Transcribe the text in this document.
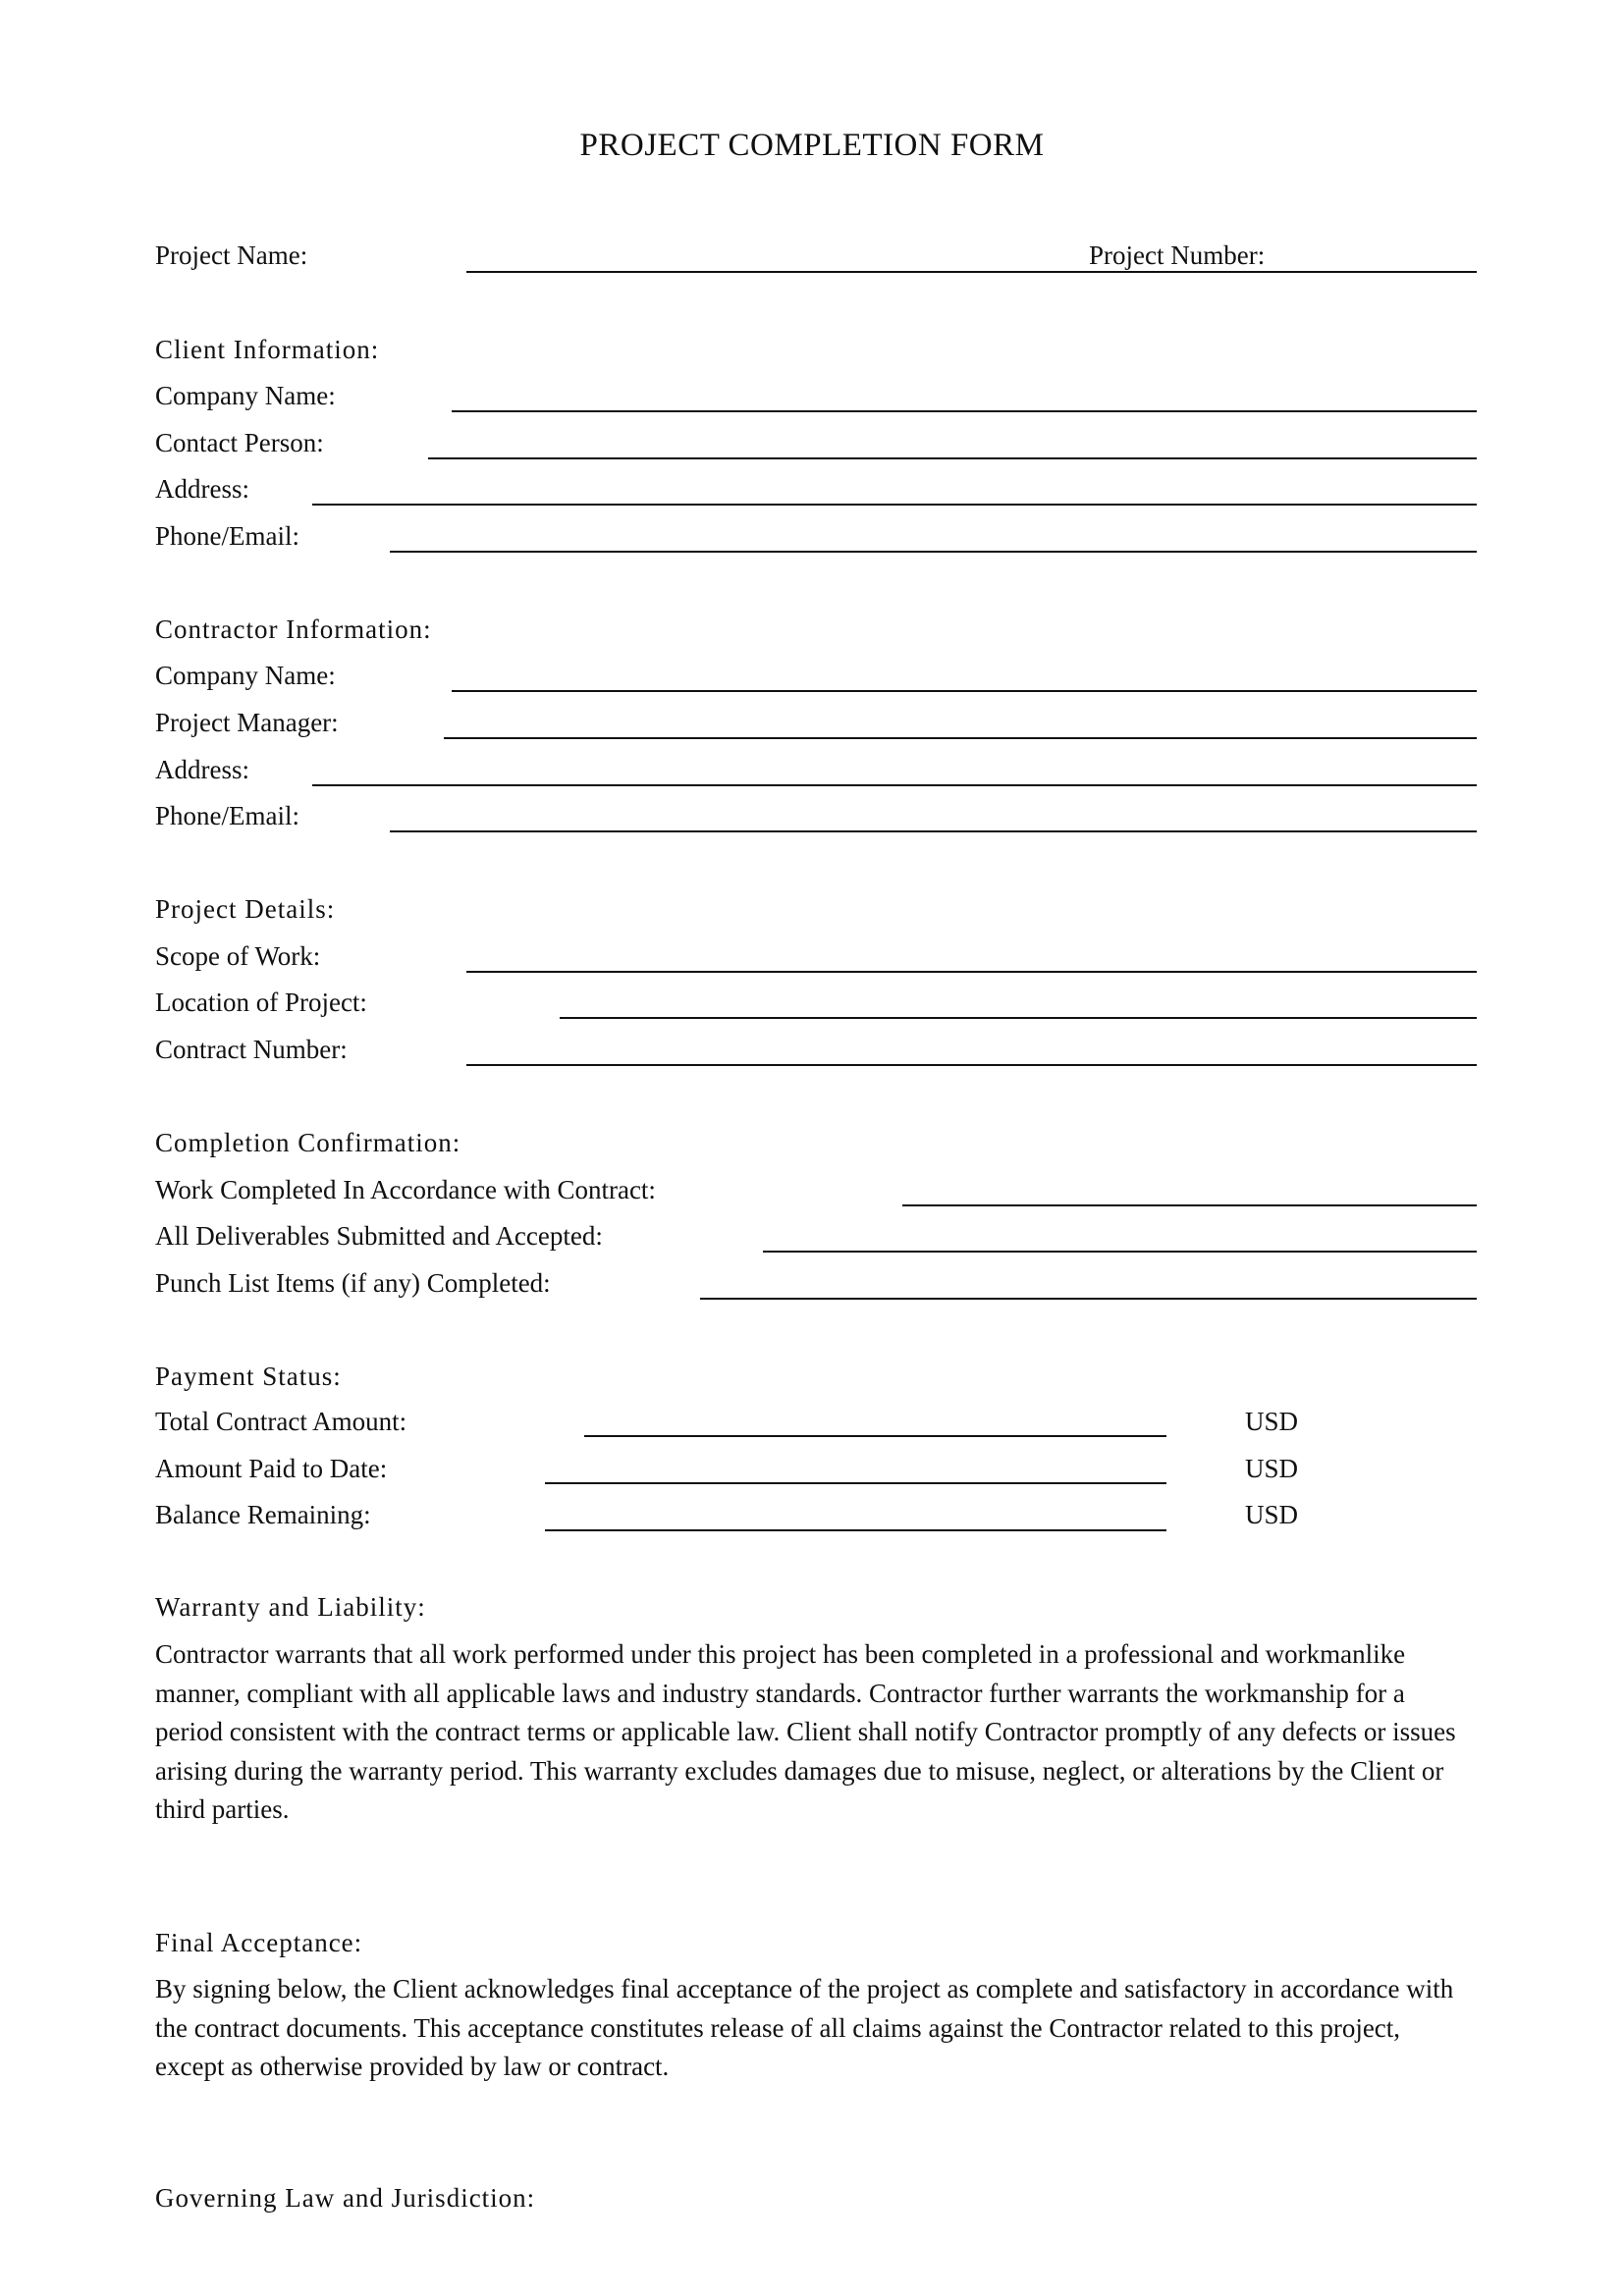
PROJECT COMPLETION FORM
Project Name:	Project Number:
Client Information:
Company Name:
Contact Person:
Address:
Phone/Email:
Contractor Information:
Company Name:
Project Manager:
Address:
Phone/Email:
Project Details:
Scope of Work:
Location of Project:
Contract Number:
Completion Confirmation:
Work Completed In Accordance with Contract:
All Deliverables Submitted and Accepted:
Punch List Items (if any) Completed:
Payment Status:
Total Contract Amount:	USD
Amount Paid to Date:	USD
Balance Remaining:	USD
Warranty and Liability:
Contractor warrants that all work performed under this project has been completed in a professional and workmanlike manner, compliant with all applicable laws and industry standards. Contractor further warrants the workmanship for a period consistent with the contract terms or applicable law. Client shall notify Contractor promptly of any defects or issues arising during the warranty period. This warranty excludes damages due to misuse, neglect, or alterations by the Client or third parties.
Final Acceptance:
By signing below, the Client acknowledges final acceptance of the project as complete and satisfactory in accordance with the contract documents. This acceptance constitutes release of all claims against the Contractor related to this project, except as otherwise provided by law or contract.
Governing Law and Jurisdiction:
